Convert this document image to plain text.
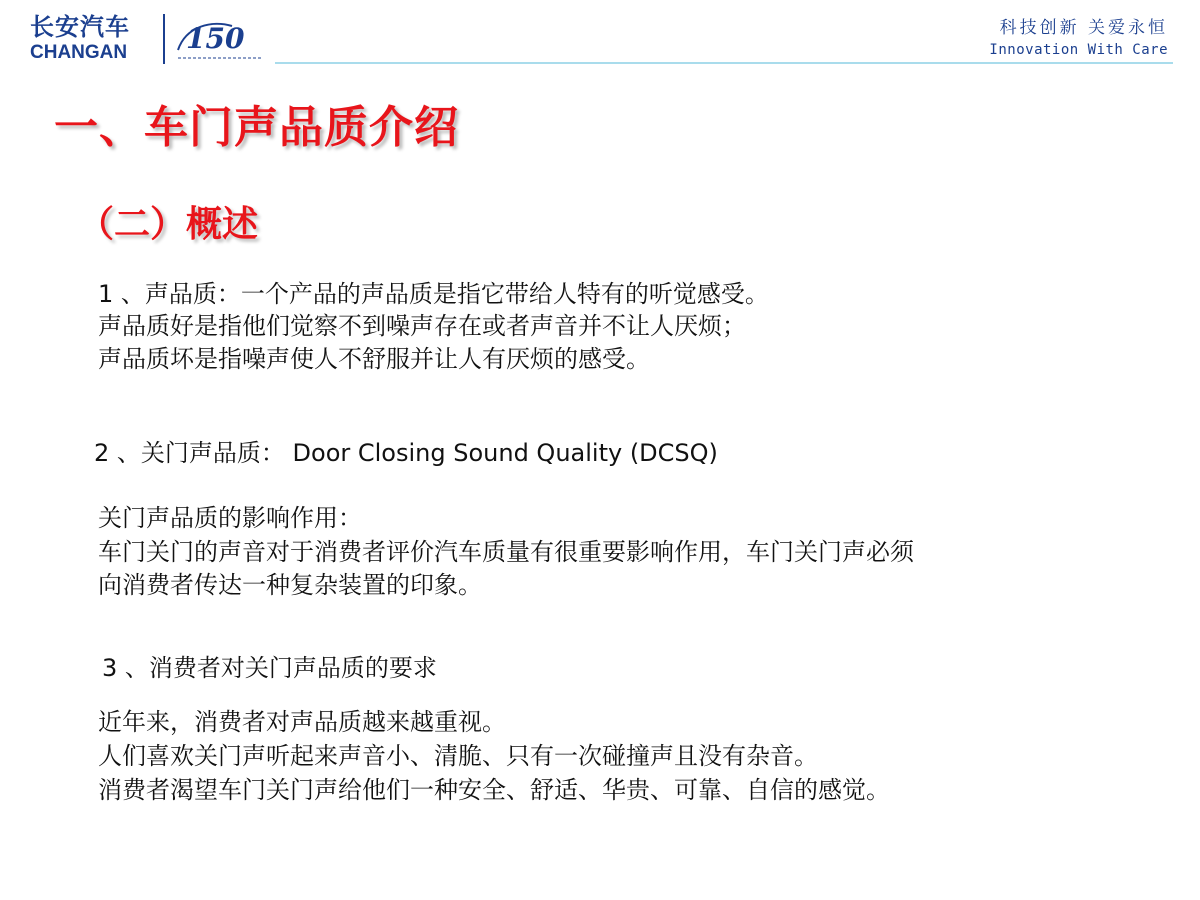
长安汽车
CHANGAN 150	科技创新 关爱永恒
Innovation With Care
一、车门声品质介绍
（二）概述
1 、声品质：一个产品的声品质是指它带给人特有的听觉感受。
声品质好是指他们觉察不到噪声存在或者声音并不让人厌烦；
声品质坏是指噪声使人不舒服并让人有厌烦的感受。
2 、关门声品质： Door Closing Sound Quality (DCSQ)
关门声品质的影响作用：
车门关门的声音对于消费者评价汽车质量有很重要影响作用，车门关门声必须
向消费者传达一种复杂装置的印象。
3 、消费者对关门声品质的要求
近年来，消费者对声品质越来越重视。
人们喜欢关门声听起来声音小、清脆、只有一次碰撞声且没有杂音。
消费者渴望车门关门声给他们一种安全、舒适、华贵、可靠、自信的感觉。
